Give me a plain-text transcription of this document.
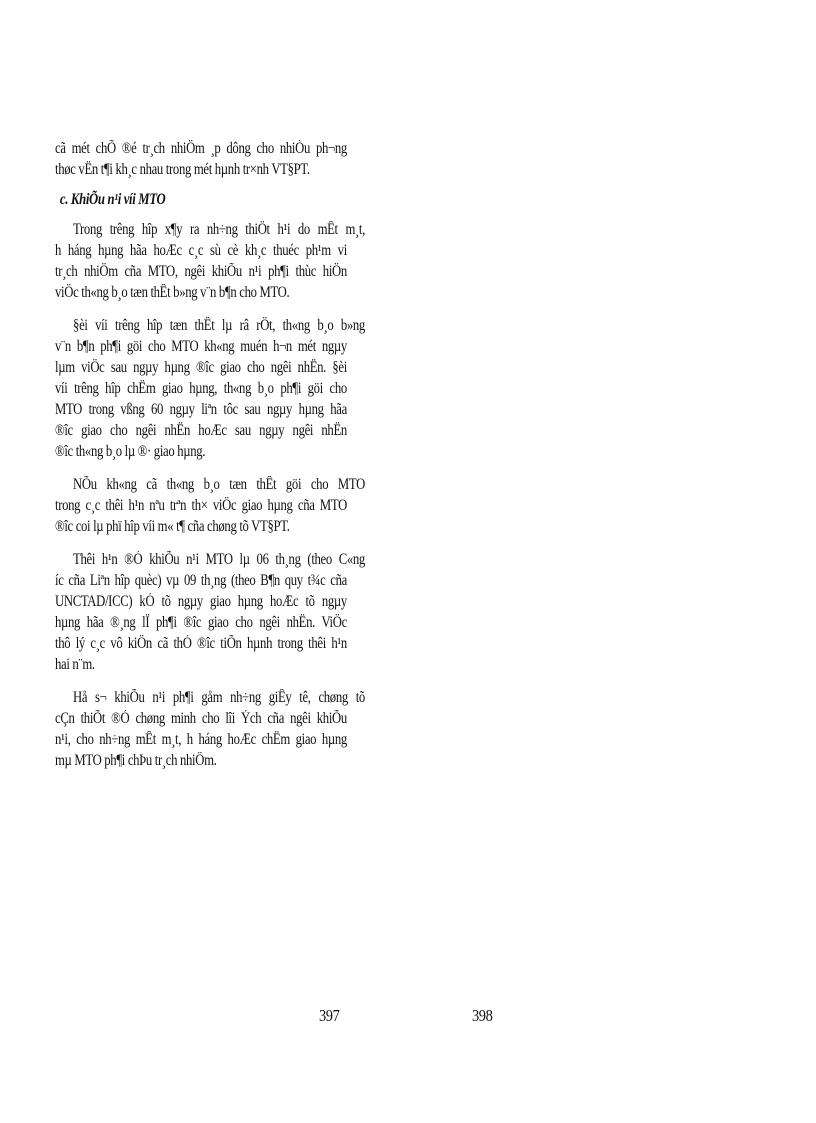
cã mét chÕ ®é tr¸ch nhiÖm ¸p dông cho nhiÒu ph¬ng
thøc vËn t¶i kh¸c nhau trong mét hµnh tr×nh VT§PT.
c. KhiÕu n¹i víi MTO
Trong trêng hîp x¶y ra nh÷ng thiÖt h¹i do mÊt m¸t,
h háng hµng hãa hoÆc c¸c sù cè kh¸c thuéc ph¹m vi
tr¸ch nhiÖm cña MTO, ngêi khiÕu n¹i ph¶i thùc hiÖn
viÖc th«ng b¸o tæn thÊt b»ng v¨n b¶n cho MTO.
§èi víi trêng hîp tæn thÊt lµ râ rÖt, th«ng b¸o b»ng
v¨n b¶n ph¶i göi cho MTO kh«ng muén h¬n mét ngµy
lµm viÖc sau ngµy hµng ®îc giao cho ngêi nhËn. §èi
víi trêng hîp chËm giao hµng, th«ng b¸o ph¶i göi cho
MTO trong vßng 60 ngµy liªn tôc sau ngµy hµng hãa
®îc giao cho ngêi nhËn hoÆc sau ngµy ngêi nhËn
®îc th«ng b¸o lµ ®· giao hµng.
NÕu kh«ng cã th«ng b¸o tæn thÊt göi cho MTO
trong c¸c thêi h¹n nªu trªn th× viÖc giao hµng cña MTO
®îc coi lµ phï hîp víi m« t¶ cña chøng tõ VT§PT.
Thêi h¹n ®Ó khiÕu n¹i MTO lµ 06 th¸ng (theo C«ng
íc cña Liªn hîp quèc) vµ 09 th¸ng (theo B¶n quy t¾c cña
UNCTAD/ICC) kÓ tõ ngµy giao hµng hoÆc tõ ngµy
hµng hãa ®¸ng lÏ ph¶i ®îc giao cho ngêi nhËn. ViÖc
thô lý c¸c vô kiÖn cã thÓ ®îc tiÕn hµnh trong thêi h¹n
hai n¨m.
Hå s¬ khiÕu n¹i ph¶i gåm nh÷ng giÊy tê, chøng tõ
cÇn thiÕt ®Ó chøng minh cho lîi Ých cña ngêi khiÕu
n¹i, cho nh÷ng mÊt m¸t, h háng hoÆc chËm giao hµng
mµ MTO ph¶i chÞu tr¸ch nhiÖm.
397	398
